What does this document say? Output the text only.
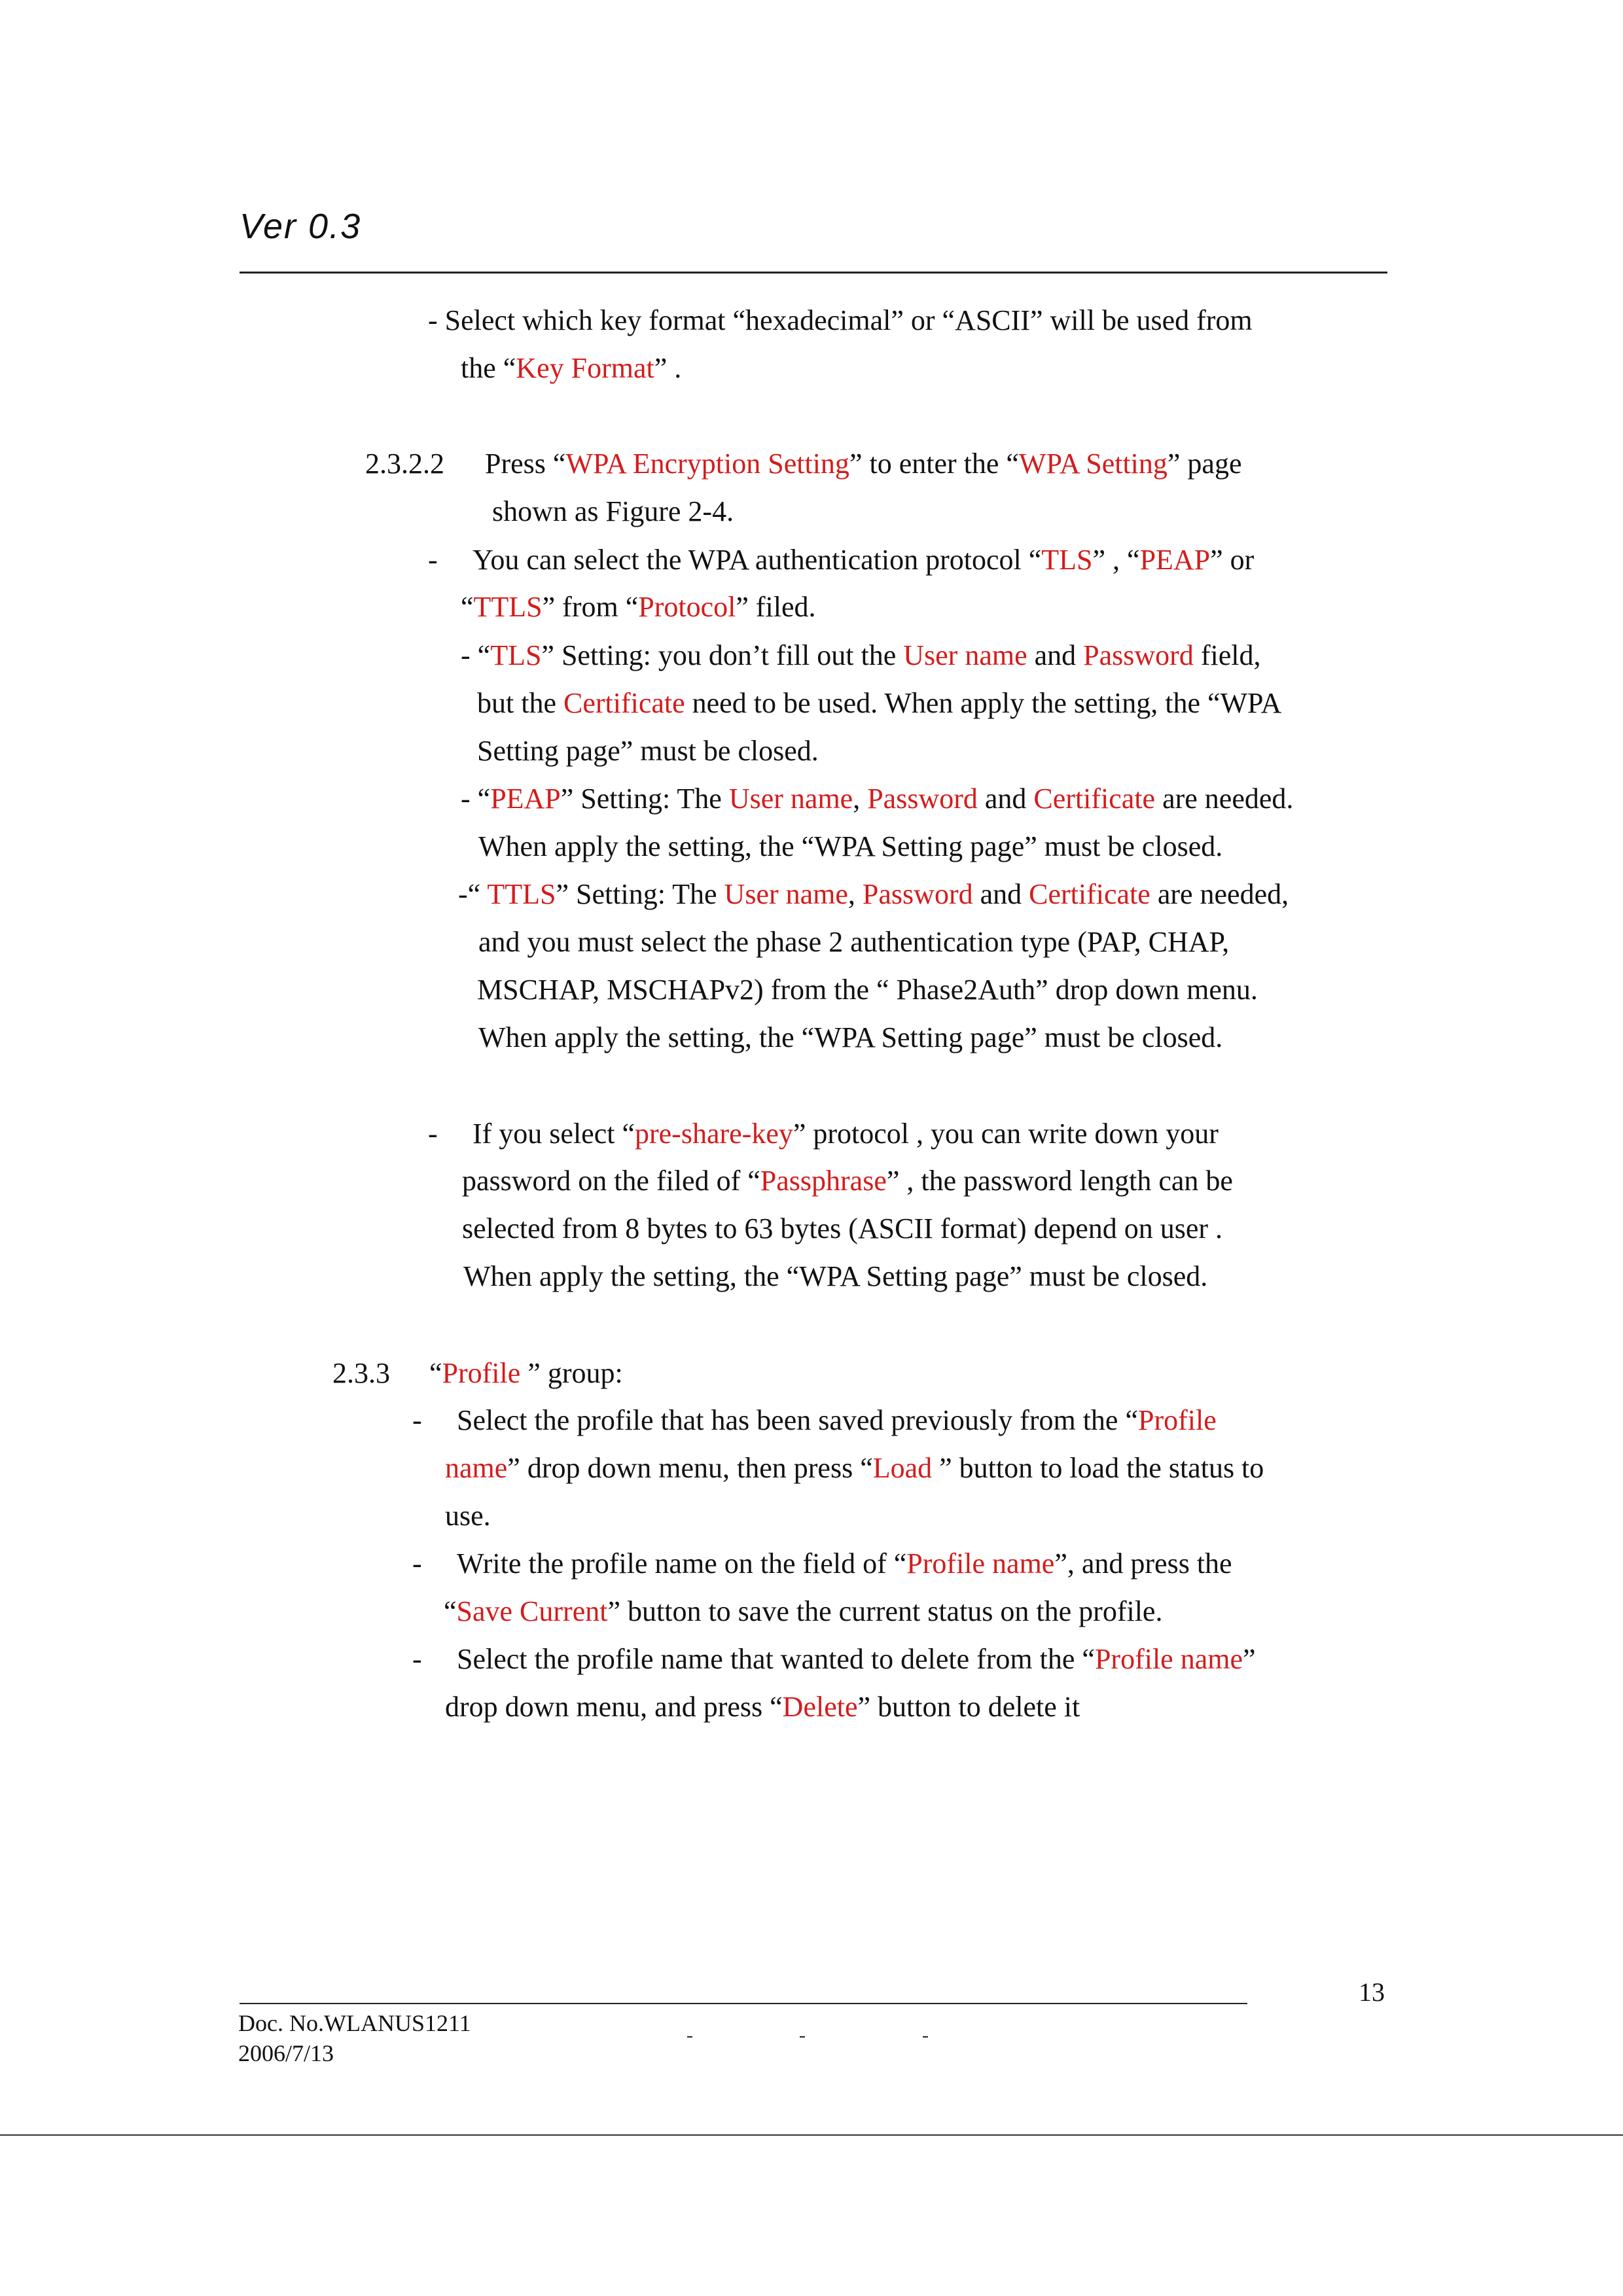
Ver 0.3
- Select which key format “hexadecimal” or “ASCII” will be used from
the “Key Format” .
2.3.2.2 Press “WPA Encryption Setting” to enter the “WPA Setting” page
shown as Figure 2-4.
- You can select the WPA authentication protocol “TLS” , “PEAP” or
“TTLS” from “Protocol” filed.
- “TLS” Setting: you don’t fill out the User name and Password field,
but the Certificate need to be used. When apply the setting, the “WPA
Setting page” must be closed.
- “PEAP” Setting: The User name, Password and Certificate are needed.
When apply the setting, the “WPA Setting page” must be closed.
-“ TTLS” Setting: The User name, Password and Certificate are needed,
and you must select the phase 2 authentication type (PAP, CHAP,
MSCHAP, MSCHAPv2) from the “ Phase2Auth” drop down menu.
When apply the setting, the “WPA Setting page” must be closed.
- If you select “pre-share-key” protocol , you can write down your
password on the filed of “Passphrase” , the password length can be
selected from 8 bytes to 63 bytes (ASCII format) depend on user .
When apply the setting, the “WPA Setting page” must be closed.
2.3.3 “Profile ” group:
- Select the profile that has been saved previously from the “Profile
name” drop down menu, then press “Load ” button to load the status to
use.
- Write the profile name on the field of “Profile name”, and press the
“Save Current” button to save the current status on the profile.
- Select the profile name that wanted to delete from the “Profile name”
drop down menu, and press “Delete” button to delete it
13
Doc. No.WLANUS1211
2006/7/13
